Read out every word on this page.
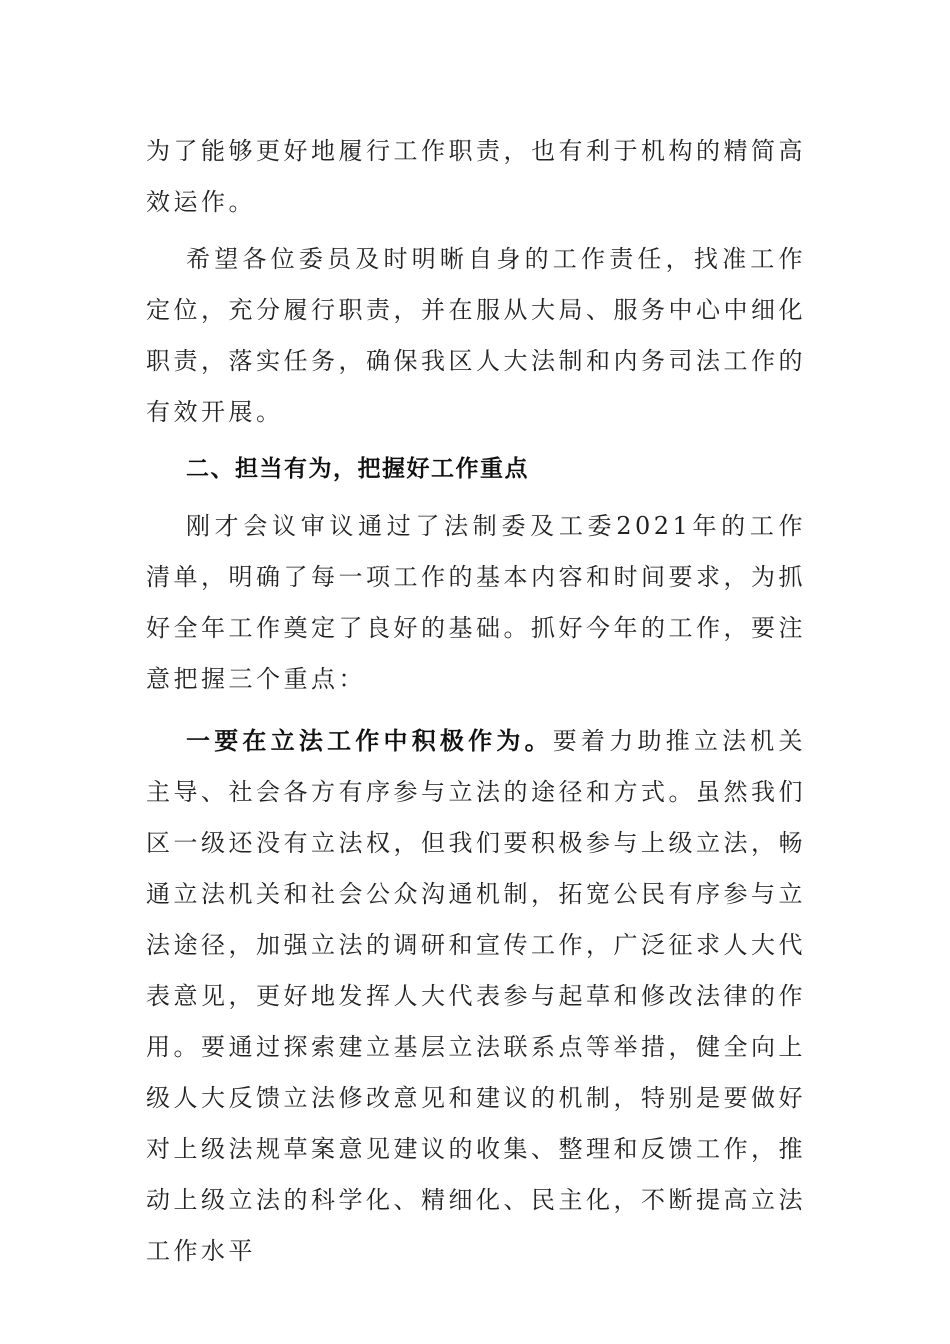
为了能够更好地履行工作职责，也有利于机构的精简高效运作。

希望各位委员及时明晰自身的工作责任，找准工作定位，充分履行职责，并在服从大局、服务中心中细化职责，落实任务，确保我区人大法制和内务司法工作的有效开展。

二、担当有为，把握好工作重点

刚才会议审议通过了法制委及工委2021年的工作清单，明确了每一项工作的基本内容和时间要求，为抓好全年工作奠定了良好的基础。抓好今年的工作，要注意把握三个重点：

一要在立法工作中积极作为。要着力助推立法机关主导、社会各方有序参与立法的途径和方式。虽然我们区一级还没有立法权，但我们要积极参与上级立法，畅通立法机关和社会公众沟通机制，拓宽公民有序参与立法途径，加强立法的调研和宣传工作，广泛征求人大代表意见，更好地发挥人大代表参与起草和修改法律的作用。要通过探索建立基层立法联系点等举措，健全向上级人大反馈立法修改意见和建议的机制，特别是要做好对上级法规草案意见建议的收集、整理和反馈工作，推动上级立法的科学化、精细化、民主化，不断提高立法工作水平
